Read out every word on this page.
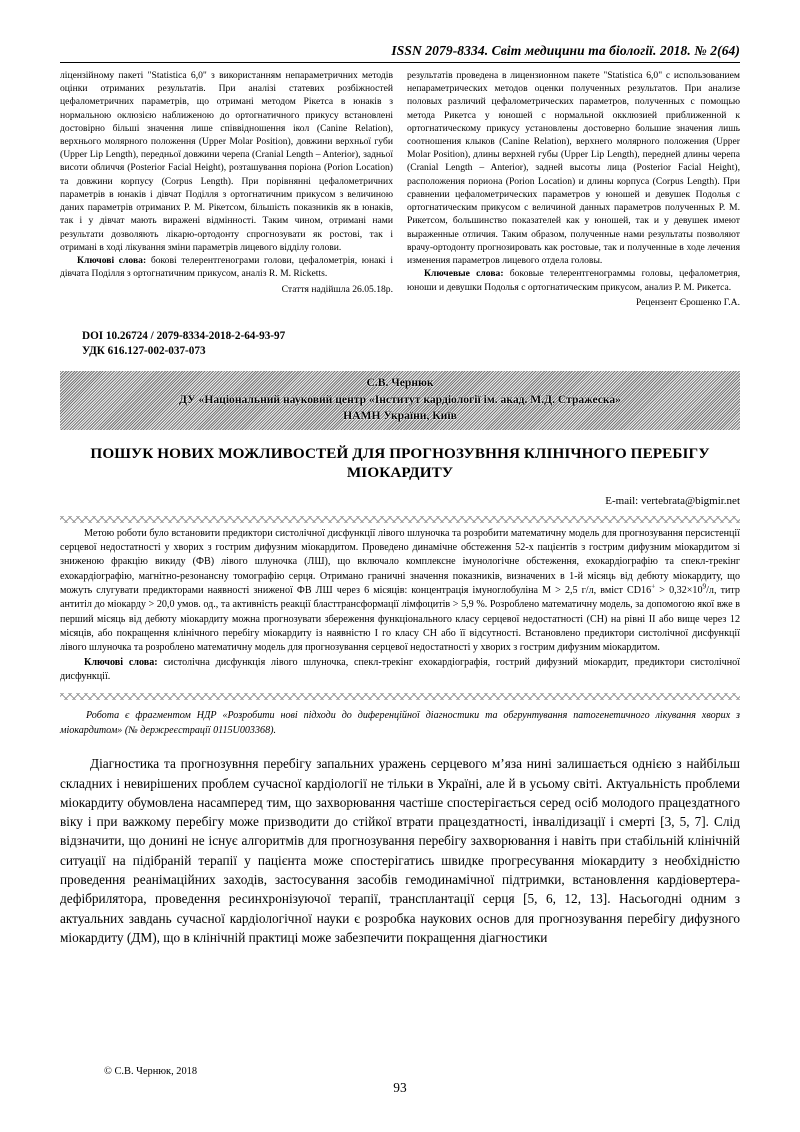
ISSN 2079-8334. Світ медицини та біології. 2018. № 2(64)

ліцензійному пакеті "Statistica 6,0" з використанням непараметричних методів оцінки отриманих результатів. При аналізі статевих розбіжностей цефалометричних параметрів, що отримані методом Рікетса в юнаків з нормальною оклюзією наближеною до ортогнатичного прикусу встановлені достовірно більші значення лише співвідношення ікол (Canine Relation), верхнього молярного положення (Upper Molar Position), довжини верхньої губи (Upper Lip Length), передньої довжини черепа (Cranial Length – Anterior), задньої висоти обличчя (Posterior Facial Height), розташування поріона (Porion Location) та довжини корпусу (Corpus Length). При порівнянні цефалометричних параметрів в юнаків і дівчат Поділля з ортогнатичним прикусом з величиною даних параметрів отриманих Р. М. Рікетсом, більшість показників як в юнаків, так і у дівчат мають виражені відмінності. Таким чином, отримані нами результати дозволяють лікарю-ортодонту спрогнозувати як ростові, так і отримані в ході лікування зміни параметрів лицевого відділу голови.

Ключові слова: бокові телерентгенограми голови, цефалометрія, юнакі і дівчата Поділля з ортогнатичним прикусом, аналіз R. M. Ricketts.

Стаття надійшла 26.05.18р.

результатів проведена в лицензионном пакете "Statistica 6,0" с использованием непараметрических методов оценки полученных результатов. При анализе половых различий цефалометрических параметров, полученных с помощью метода Рикетса у юношей с нормальной окклюзией приближенной к ортогнатическому прикусу установлены достоверно большие значения лишь соотношения клыков (Canine Relation), верхнего молярного положения (Upper Molar Position), длины верхней губы (Upper Lip Length), передней длины черепа (Cranial Length – Anterior), задней высоты лица (Posterior Facial Height), расположения пориона (Porion Location) и длины корпуса (Corpus Length). При сравнении цефалометрических параметров у юношей и девушек Подолья с ортогнатическим прикусом с величиной данных параметров полученных Р. М. Рикетсом, большинство показателей как у юношей, так и у девушек имеют выраженные отличия. Таким образом, полученные нами результаты позволяют врачу-ортодонту прогнозировать как ростовые, так и полученные в ходе лечения изменения параметров лицевого отдела головы.

Ключевые слова: боковые телерентгенограммы головы, цефалометрия, юноши и девушки Подолья с ортогнатическим прикусом, анализ Р. М. Рикетса.

Рецензент Єрошенко Г.А.
DOI 10.26724 / 2079-8334-2018-2-64-93-97
УДК 616.127-002-037-073
С.В. Чернюк
ДУ «Національний науковий центр «Інститут кардіології ім. акад. М.Д. Стражеска»
НАМН України, Київ
ПОШУК НОВИХ МОЖЛИВОСТЕЙ ДЛЯ ПРОГНОЗУВННЯ КЛІНІЧНОГО ПЕРЕБІГУ МІОКАРДИТУ
E-mail: vertebrata@bigmir.net

Метою роботи було встановити предиктори систолічної дисфункції лівого шлуночка та розробити математичну модель для прогнозування персистенції серцевої недостатності у хворих з гострим дифузним міокардитом. Проведено динамічне обстеження 52-х пацієнтів з гострим дифузним міокардитом зі зниженою фракцію викиду (ФВ) лівого шлуночка (ЛШ), що включало комплексне імунологічне обстеження, ехокардіографію та спекл-трекінг ехокардіографію, магнітно-резонансну томографію серця. Отримано граничні значення показників, визначених в 1-й місяць від дебюту міокардиту, що можуть слугувати предикторами наявності зниженої ФВ ЛШ через 6 місяців: концентрація імуноглобуліна М > 2,5 г/л, вміст $CD16^+ > 0,32\times 10^9/л$, титр антитіл до міокарду > 20,0 умов. од., та активність реакції бласттрансформації лімфоцитів > 5,9 %. Розроблено математичну модель, за допомогою якої вже в перший місяць від дебюту міокардиту можна прогнозувати збереження функціонального класу серцевої недостатності (СН) на рівні ІІ або вище через 12 місяців, або покращення клінічного перебігу міокардиту із наявністю І го класу СН або її відсутності. Встановлено предиктори систолічної дисфункції лівого шлуночка та розроблено математичну модель для прогнозування серцевої недостатності у хворих з гострим дифузним міокардитом.

Ключові слова: систолічна дисфункція лівого шлуночка, спекл-трекінг ехокардіографія, гострий дифузний міокардит, предиктори систолічної дисфункції.

Робота є фрагментом НДР «Розробити нові підходи до диференційної діагностики та обгрунтування патогенетичного лікування хворих з міокардитом» (№ держреєстрації 0115U003368).

Діагностика та прогнозувння перебігу запальних уражень серцевого м’яза нині залишається однією з найбільш складних і невирішених проблем сучасної кардіології не тільки в Україні, але й в усьому світі. Актуальність проблеми міокардиту обумовлена насамперед тим, що захворювання частіше спостерігається серед осіб молодого працездатного віку і при важкому перебігу може призводити до стійкої втрати працездатності, інвалідизації і смерті [3, 5, 7]. Слід відзначити, що донині не існує алгоритмів для прогнозування перебігу захворювання і навіть при стабільній клінічній ситуації на підібраній терапії у пацієнта може спостерігатись швидке прогресування міокардиту з необхідністю проведення реанімаційних заходів, застосування засобів гемодинамічної підтримки, встановлення кардіовертера-дефібрилятора, проведення ресинхронізуючої терапії, трансплантації серця [5, 6, 12, 13]. Насьогодні одним з актуальних завдань сучасної кардіологічної науки є розробка наукових основ для прогнозування перебігу дифузного міокардиту (ДМ), що в клінічній практиці може забезпечити покращення діагностики

© С.В. Чернюк, 2018
93
